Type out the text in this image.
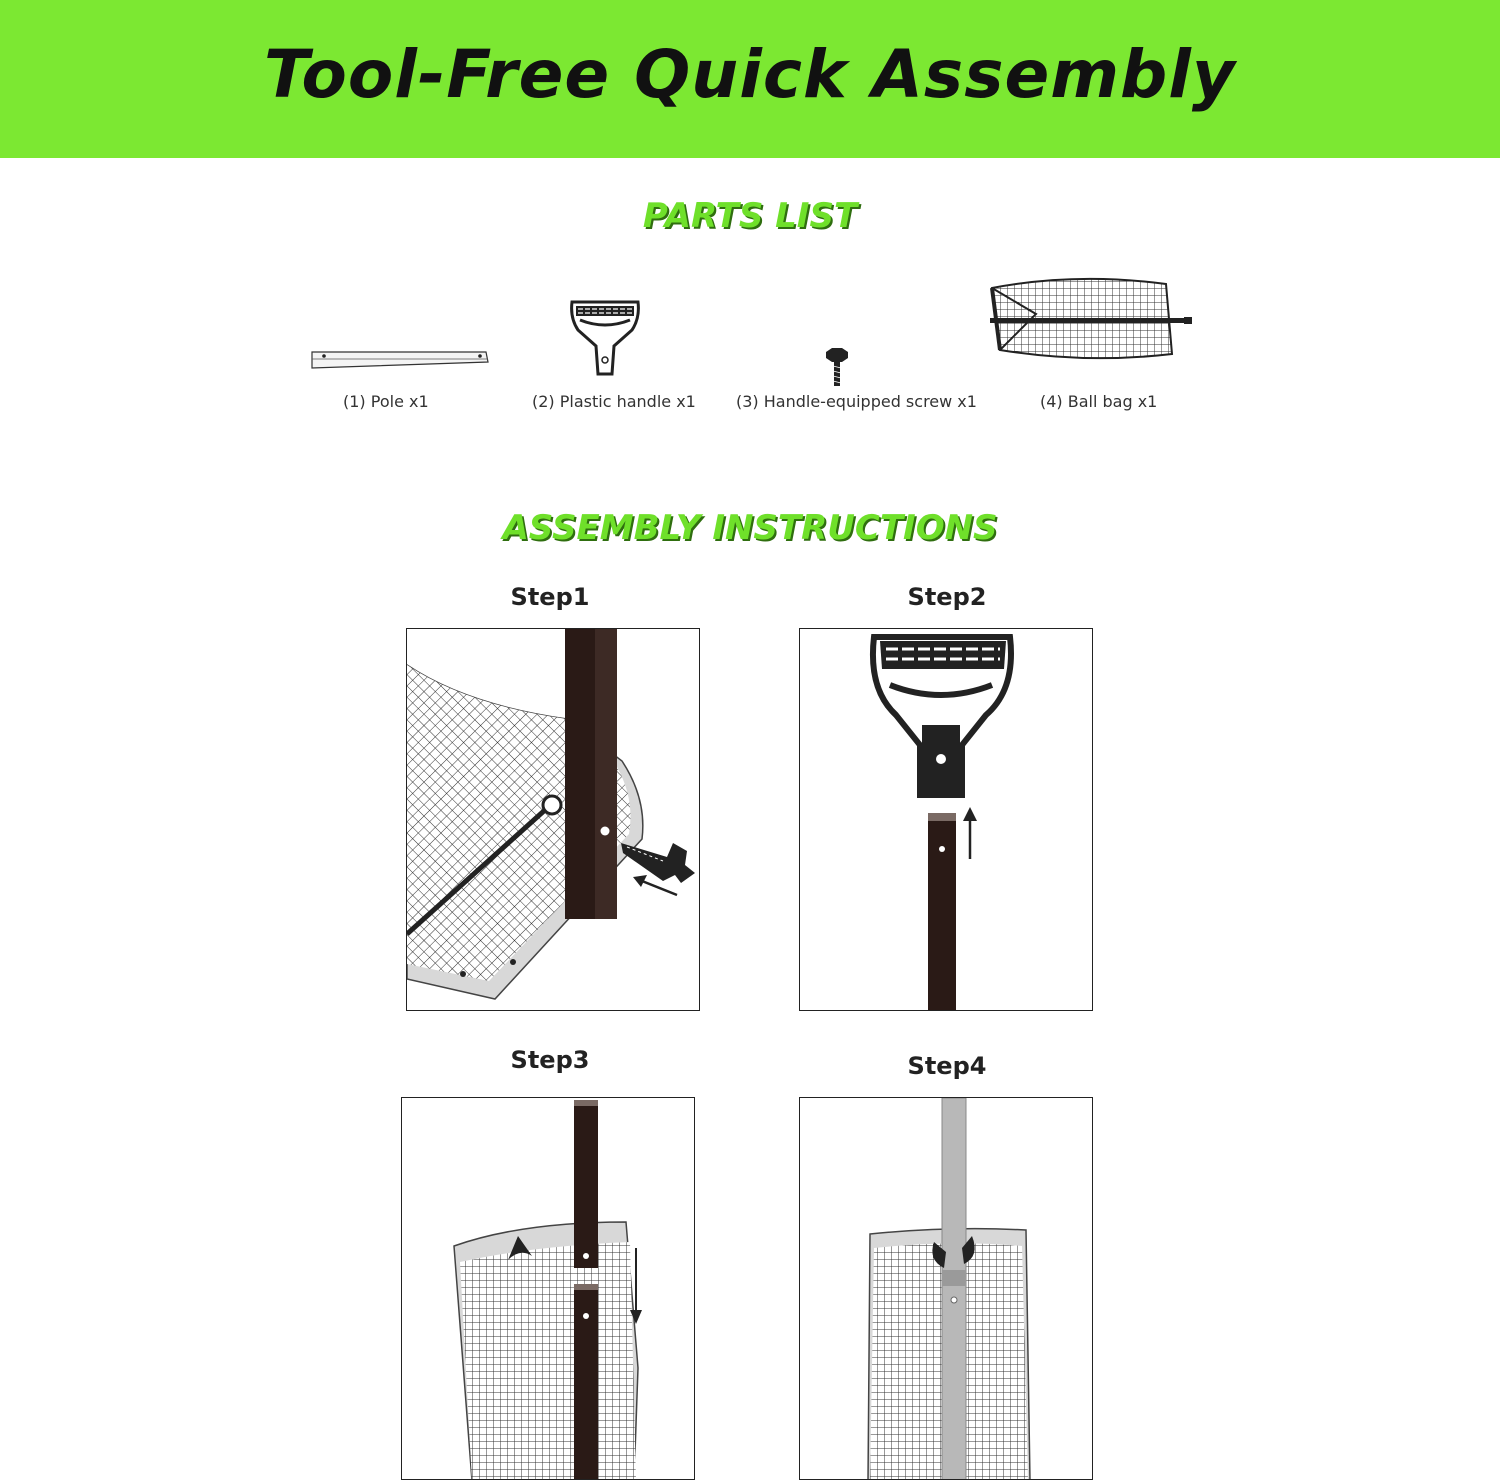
Tool-Free Quick Assembly
PARTS LIST
(1) Pole x1	(2) Plastic handle x1	(3) Handle-equipped screw x1	(4) Ball bag x1
ASSEMBLY INSTRUCTIONS
Step1	Step2
Step3	Step4
